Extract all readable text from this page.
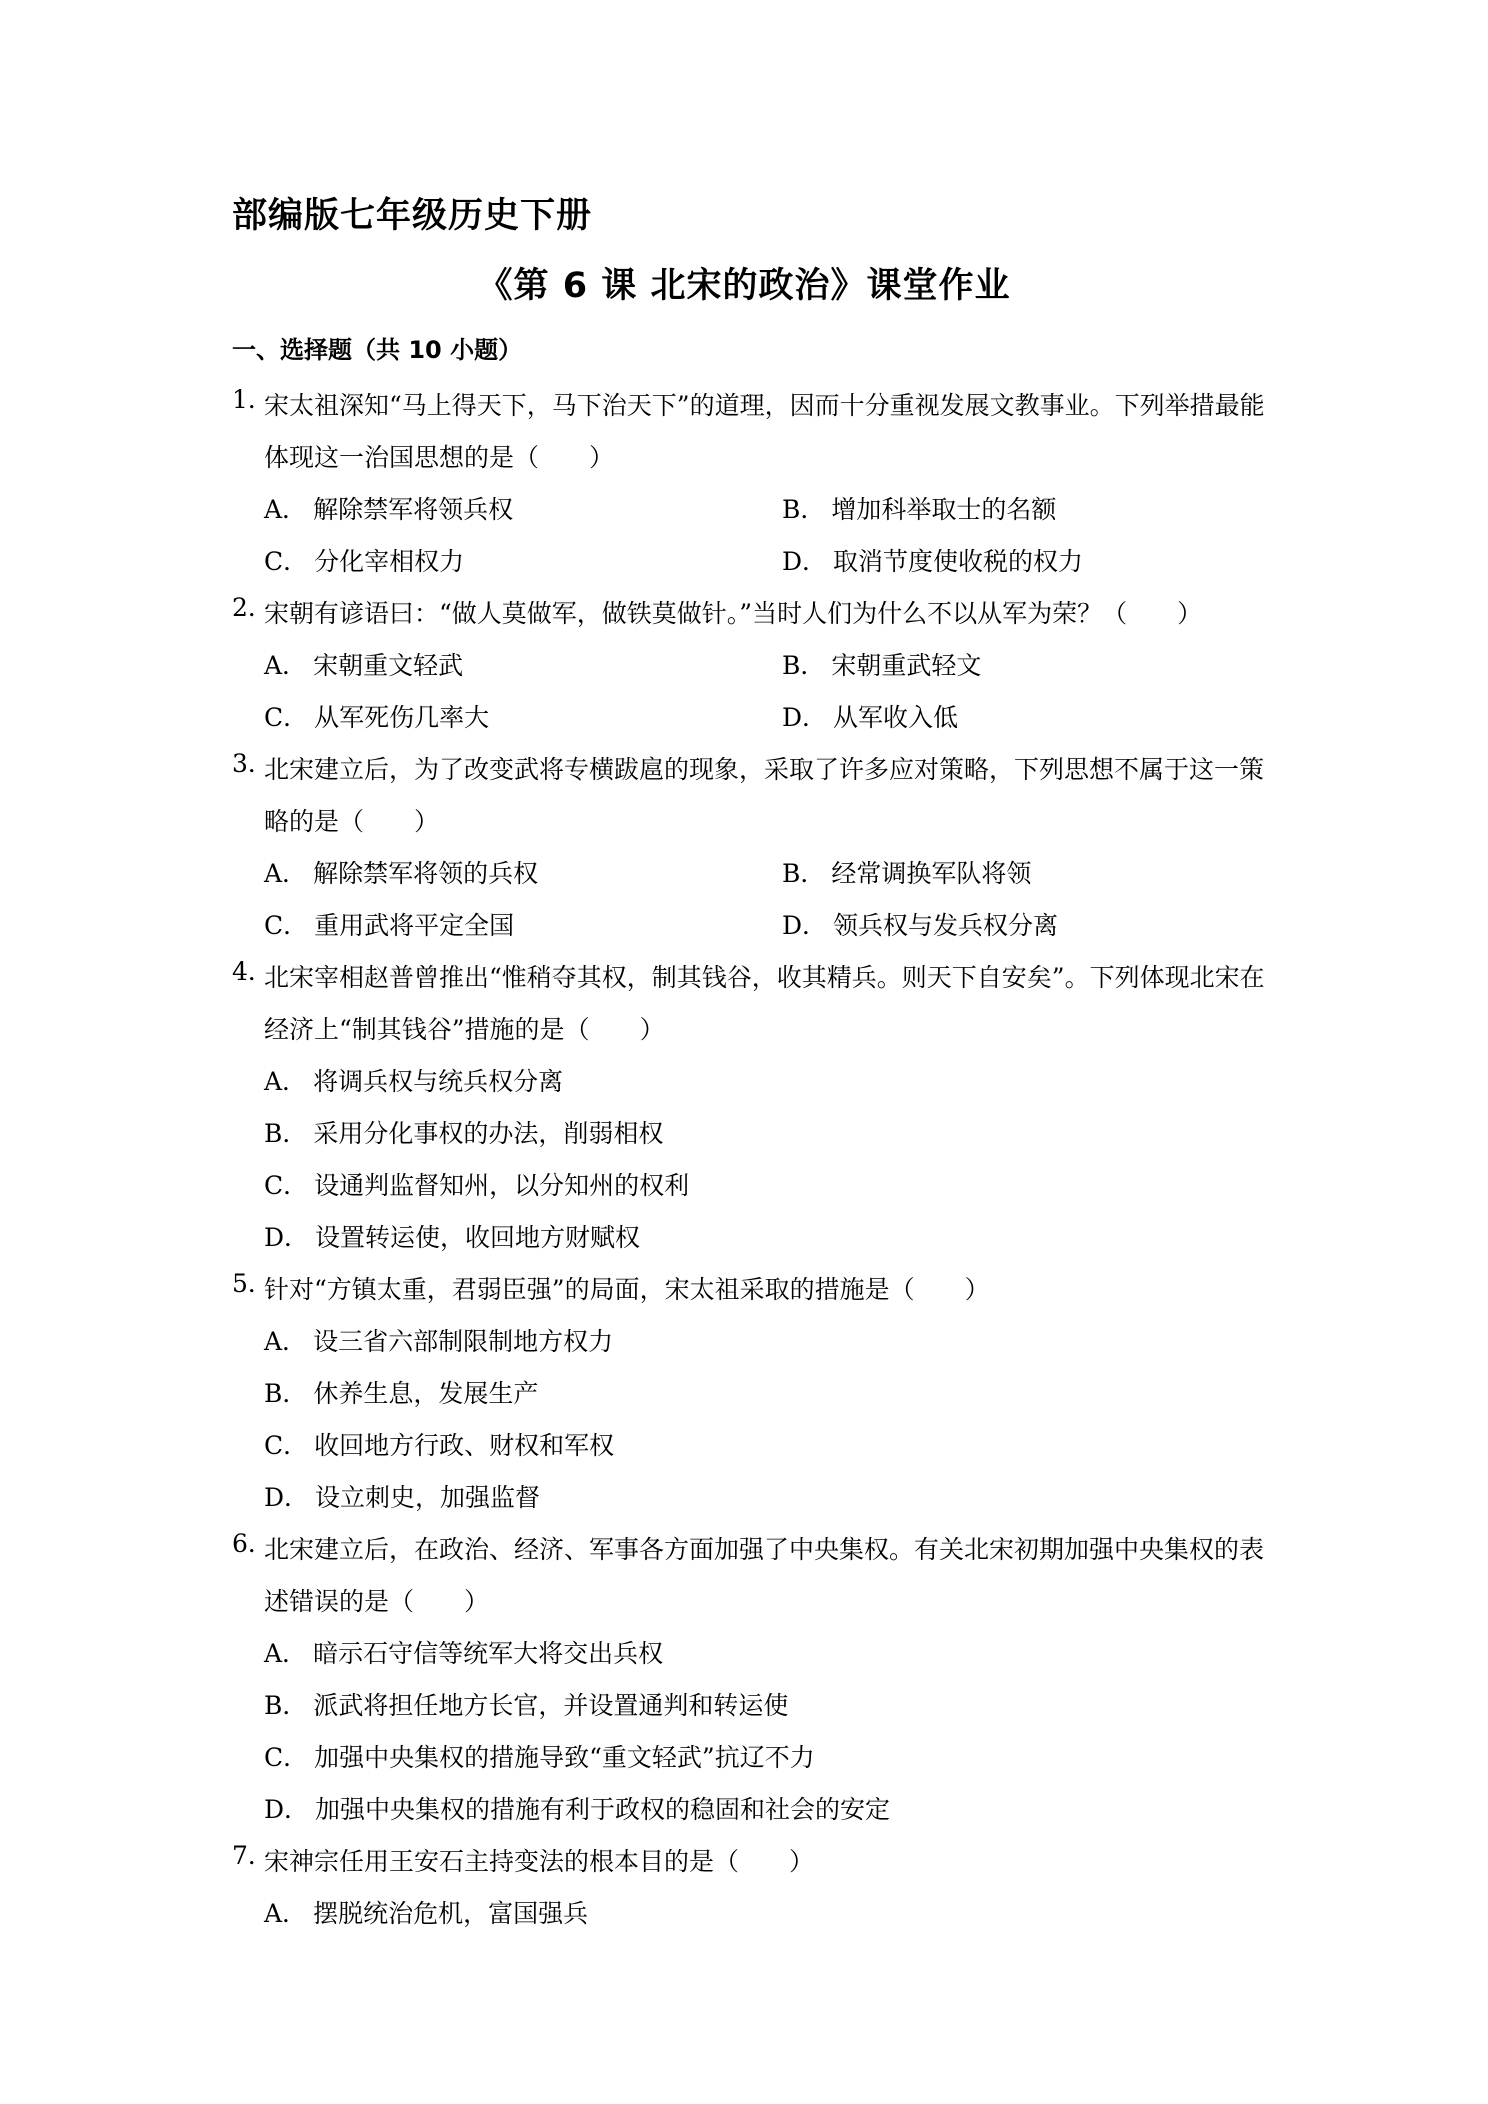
部编版七年级历史下册
《第 6 课 北宋的政治》课堂作业
一、选择题（共 10 小题）
1．
宋太祖深知“马上得天下，马下治天下”的道理，因而十分重视发展文教事业。下列举措最能体现这一治国思想的是（　　）
A． 解除禁军将领兵权	B． 增加科举取士的名额
C． 分化宰相权力	D． 取消节度使收税的权力
2．
宋朝有谚语曰：“做人莫做军，做铁莫做针。”当时人们为什么不以从军为荣？（　　）
A． 宋朝重文轻武	B． 宋朝重武轻文
C． 从军死伤几率大	D． 从军收入低
3．
北宋建立后，为了改变武将专横跋扈的现象，采取了许多应对策略，下列思想不属于这一策略的是（　　）
A． 解除禁军将领的兵权	B． 经常调换军队将领
C． 重用武将平定全国	D． 领兵权与发兵权分离
4．
北宋宰相赵普曾推出“惟稍夺其权，制其钱谷，收其精兵。则天下自安矣”。下列体现北宋在经济上“制其钱谷”措施的是（　　）
A． 将调兵权与统兵权分离
B． 采用分化事权的办法，削弱相权
C． 设通判监督知州，以分知州的权利
D． 设置转运使，收回地方财赋权
5．
针对“方镇太重，君弱臣强”的局面，宋太祖采取的措施是（　　）
A． 设三省六部制限制地方权力
B． 休养生息，发展生产
C． 收回地方行政、财权和军权
D． 设立刺史，加强监督
6．
北宋建立后，在政治、经济、军事各方面加强了中央集权。有关北宋初期加强中央集权的表述错误的是（　　）
A． 暗示石守信等统军大将交出兵权
B． 派武将担任地方长官，并设置通判和转运使
C． 加强中央集权的措施导致“重文轻武”抗辽不力
D． 加强中央集权的措施有利于政权的稳固和社会的安定
7．
宋神宗任用王安石主持变法的根本目的是（　　）
A． 摆脱统治危机，富国强兵
